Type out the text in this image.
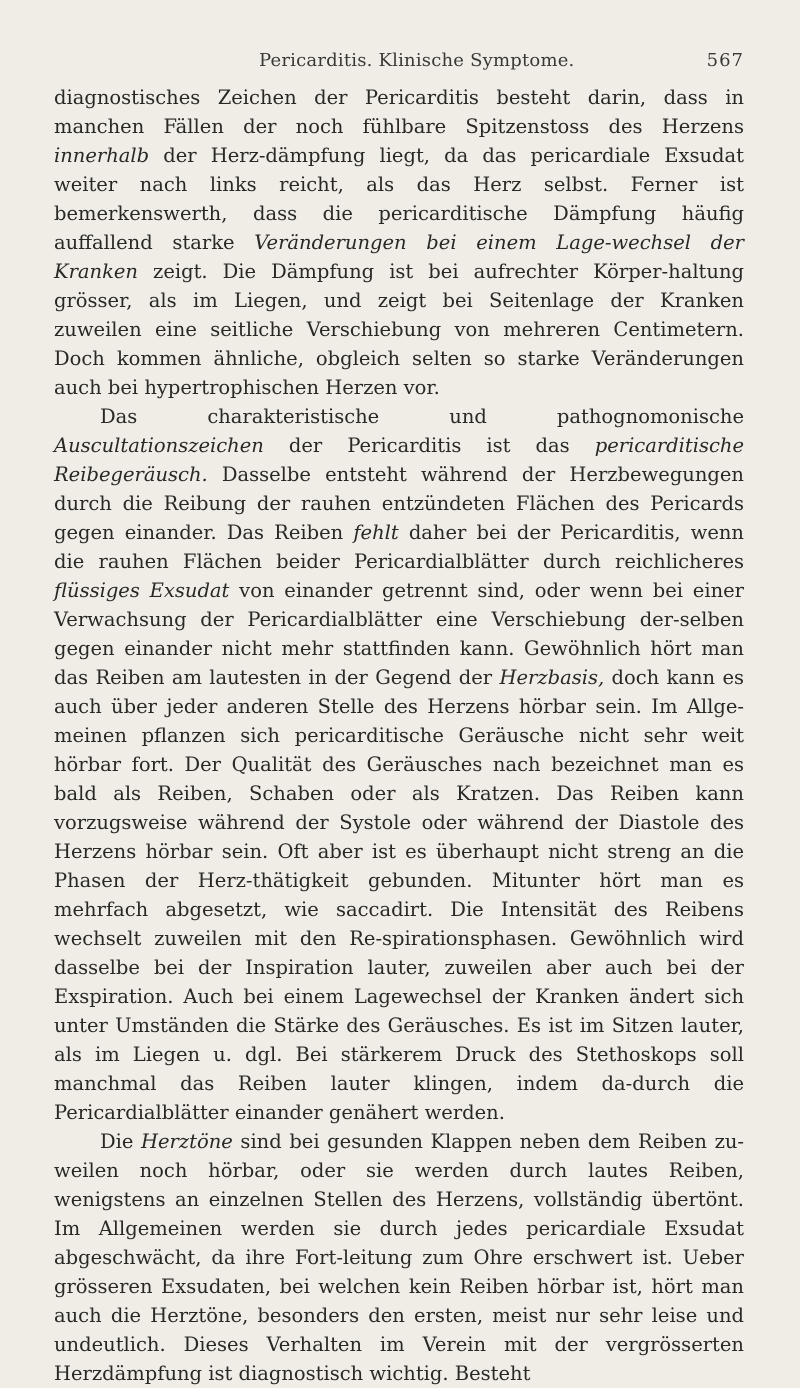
Pericarditis. Klinische Symptome.	567

diagnostisches Zeichen der Pericarditis besteht darin, dass in manchen Fällen der noch fühlbare Spitzenstoss des Herzens innerhalb der Herz-dämpfung liegt, da das pericardiale Exsudat weiter nach links reicht, als das Herz selbst. Ferner ist bemerkenswerth, dass die pericarditische Dämpfung häufig auffallend starke Veränderungen bei einem Lage-wechsel der Kranken zeigt. Die Dämpfung ist bei aufrechter Körper-haltung grösser, als im Liegen, und zeigt bei Seitenlage der Kranken zuweilen eine seitliche Verschiebung von mehreren Centimetern. Doch kommen ähnliche, obgleich selten so starke Veränderungen auch bei hypertrophischen Herzen vor.

Das charakteristische und pathognomonische Auscultationszeichen der Pericarditis ist das pericarditische Reibegeräusch. Dasselbe entsteht während der Herzbewegungen durch die Reibung der rauhen entzündeten Flächen des Pericards gegen einander. Das Reiben fehlt daher bei der Pericarditis, wenn die rauhen Flächen beider Pericardialblätter durch reichlicheres flüssiges Exsudat von einander getrennt sind, oder wenn bei einer Verwachsung der Pericardialblätter eine Verschiebung der-selben gegen einander nicht mehr stattfinden kann. Gewöhnlich hört man das Reiben am lautesten in der Gegend der Herzbasis, doch kann es auch über jeder anderen Stelle des Herzens hörbar sein. Im Allge-meinen pflanzen sich pericarditische Geräusche nicht sehr weit hörbar fort. Der Qualität des Geräusches nach bezeichnet man es bald als Reiben, Schaben oder als Kratzen. Das Reiben kann vorzugsweise während der Systole oder während der Diastole des Herzens hörbar sein. Oft aber ist es überhaupt nicht streng an die Phasen der Herz-thätigkeit gebunden. Mitunter hört man es mehrfach abgesetzt, wie saccadirt. Die Intensität des Reibens wechselt zuweilen mit den Re-spirationsphasen. Gewöhnlich wird dasselbe bei der Inspiration lauter, zuweilen aber auch bei der Exspiration. Auch bei einem Lagewechsel der Kranken ändert sich unter Umständen die Stärke des Geräusches. Es ist im Sitzen lauter, als im Liegen u. dgl. Bei stärkerem Druck des Stethoskops soll manchmal das Reiben lauter klingen, indem da-durch die Pericardialblätter einander genähert werden.

Die Herztöne sind bei gesunden Klappen neben dem Reiben zu-weilen noch hörbar, oder sie werden durch lautes Reiben, wenigstens an einzelnen Stellen des Herzens, vollständig übertönt. Im Allgemeinen werden sie durch jedes pericardiale Exsudat abgeschwächt, da ihre Fort-leitung zum Ohre erschwert ist. Ueber grösseren Exsudaten, bei welchen kein Reiben hörbar ist, hört man auch die Herztöne, besonders den ersten, meist nur sehr leise und undeutlich. Dieses Verhalten im Verein mit der vergrösserten Herzdämpfung ist diagnostisch wichtig. Besteht
